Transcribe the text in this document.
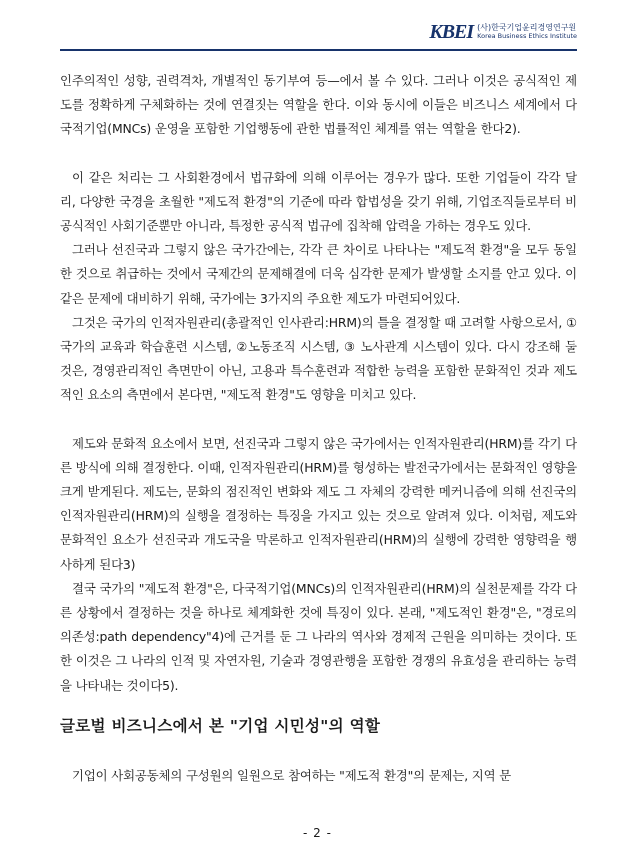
KBEI (사)한국기업윤리경영연구원
Korea Business Ethics Institute

인주의적인 성향, 권력격차, 개별적인 동기부여 등—에서 볼 수 있다. 그러나 이것은 공식적인 제도를 정확하게 구체화하는 것에 연결짓는 역할을 한다. 이와 동시에 이들은 비즈니스 세계에서 다국적기업(MNCs) 운영을 포함한 기업행동에 관한 법률적인 체계를 엮는 역할을 한다2).

이 같은 처리는 그 사회환경에서 법규화에 의해 이루어는 경우가 많다. 또한 기업들이 각각 달리, 다양한 국경을 초월한 "제도적 환경"의 기준에 따라 합법성을 갖기 위해, 기업조직들로부터 비공식적인 사회기준뿐만 아니라, 특정한 공식적 법규에 집착해 압력을 가하는 경우도 있다.

그러나 선진국과 그렇지 않은 국가간에는, 각각 큰 차이로 나타나는 "제도적 환경"을 모두 동일한 것으로 취급하는 것에서 국제간의 문제해결에 더욱 심각한 문제가 발생할 소지를 안고 있다. 이 같은 문제에 대비하기 위해, 국가에는 3가지의 주요한 제도가 마련되어있다.

그것은 국가의 인적자원관리(총괄적인 인사관리:HRM)의 틀을 결정할 때 고려할 사항으로서, ①국가의 교육과 학습훈련 시스템, ②노동조직 시스템, ③ 노사관계 시스템이 있다. 다시 강조해 둘 것은, 경영관리적인 측면만이 아닌, 고용과 특수훈련과 적합한 능력을 포함한 문화적인 것과 제도적인 요소의 측면에서 본다면, "제도적 환경"도 영향을 미치고 있다.

제도와 문화적 요소에서 보면, 선진국과 그렇지 않은 국가에서는 인적자원관리(HRM)를 각기 다른 방식에 의해 결정한다. 이때, 인적자원관리(HRM)를 형성하는 발전국가에서는 문화적인 영향을 크게 받게된다. 제도는, 문화의 점진적인 변화와 제도 그 자체의 강력한 메커니즘에 의해 선진국의 인적자원관리(HRM)의 실행을 결정하는 특징을 가지고 있는 것으로 알려져 있다. 이처럼, 제도와 문화적인 요소가 선진국과 개도국을 막론하고 인적자원관리(HRM)의 실행에 강력한 영향력을 행사하게 된다3)

결국 국가의 "제도적 환경"은, 다국적기업(MNCs)의 인적자원관리(HRM)의 실천문제를 각각 다른 상황에서 결정하는 것을 하나로 체계화한 것에 특징이 있다. 본래, "제도적인 환경"은, "경로의 의존성:path dependency"4)에 근거를 둔 그 나라의 역사와 경제적 근원을 의미하는 것이다. 또한 이것은 그 나라의 인적 및 자연자원, 기술과 경영관행을 포함한 경쟁의 유효성을 관리하는 능력을 나타내는 것이다5).

글로벌 비즈니스에서 본 "기업 시민성"의 역할

기업이 사회공동체의 구성원의 일원으로 참여하는 "제도적 환경"의 문제는, 지역 문

- 2 -
